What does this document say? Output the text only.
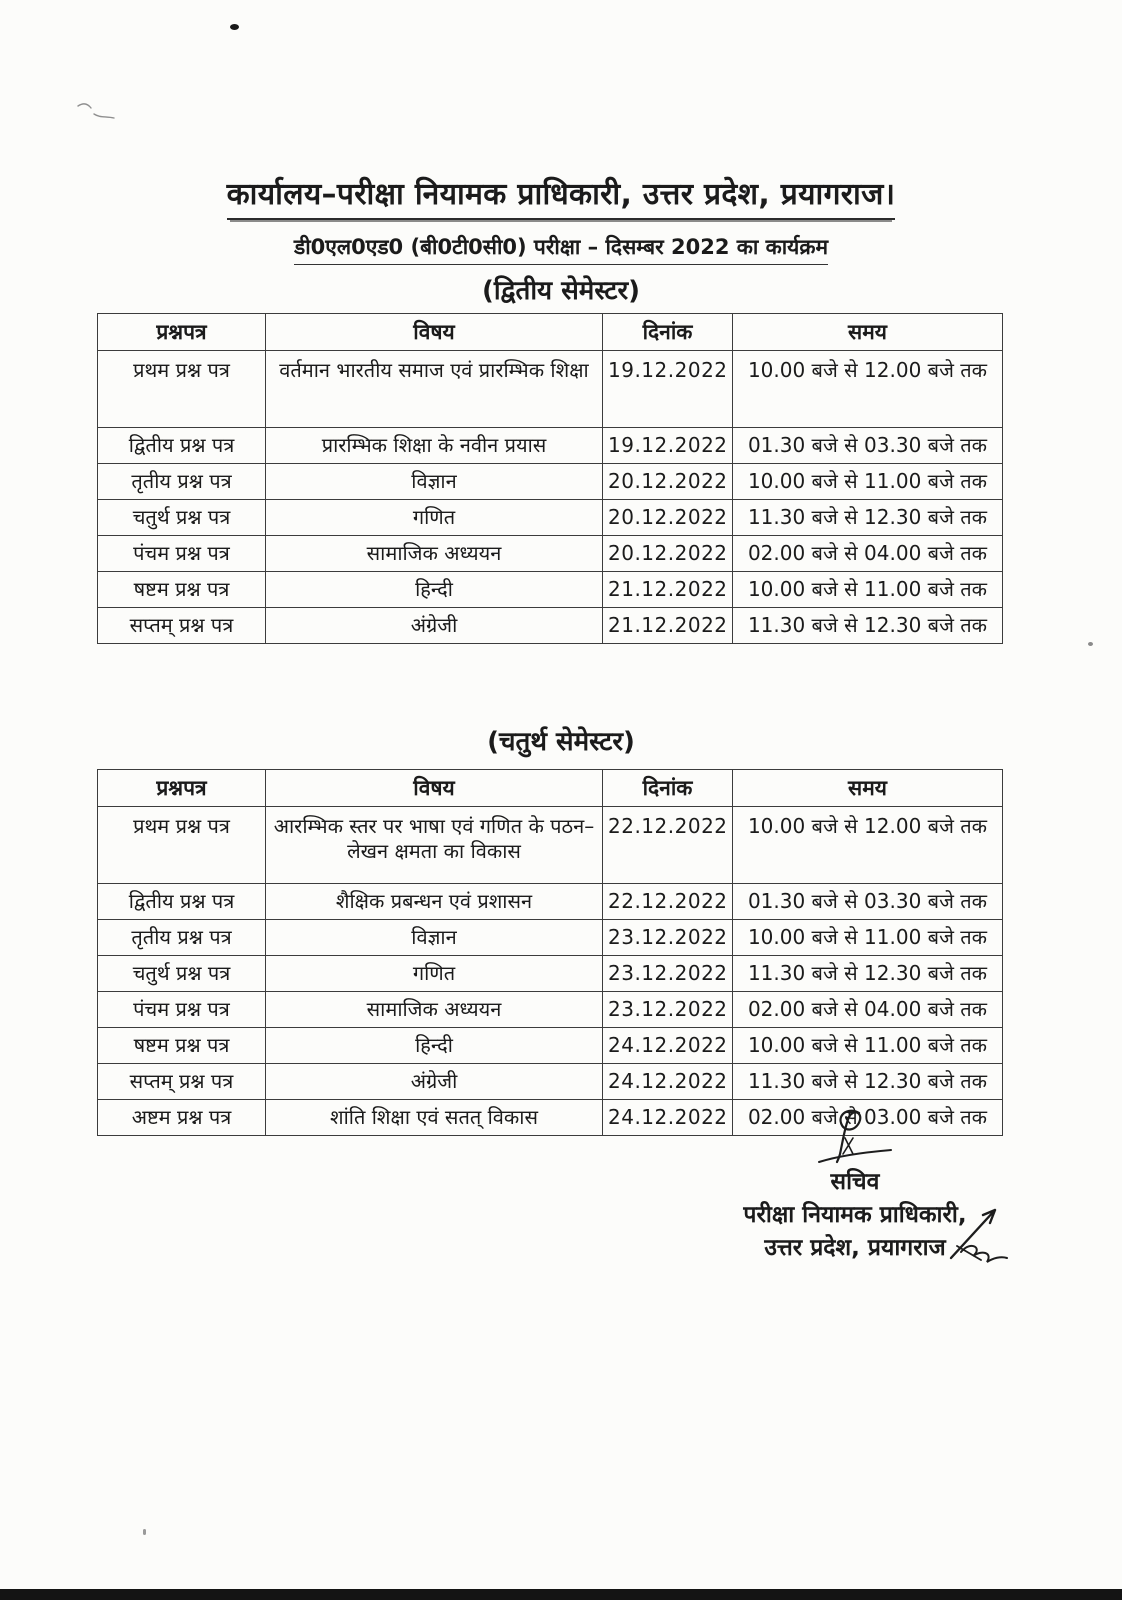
कार्यालय–परीक्षा नियामक प्राधिकारी, उत्तर प्रदेश, प्रयागराज।
डी0एल0एड0 (बी0टी0सी0) परीक्षा – दिसम्बर 2022 का कार्यक्रम
(द्वितीय सेमेस्टर)
प्रश्नपत्र	विषय	दिनांक	समय
प्रथम प्रश्न पत्र	वर्तमान भारतीय समाज एवं प्रारम्भिक शिक्षा	19.12.2022	10.00 बजे से 12.00 बजे तक
द्वितीय प्रश्न पत्र	प्रारम्भिक शिक्षा के नवीन प्रयास	19.12.2022	01.30 बजे से 03.30 बजे तक
तृतीय प्रश्न पत्र	विज्ञान	20.12.2022	10.00 बजे से 11.00 बजे तक
चतुर्थ प्रश्न पत्र	गणित	20.12.2022	11.30 बजे से 12.30 बजे तक
पंचम प्रश्न पत्र	सामाजिक अध्ययन	20.12.2022	02.00 बजे से 04.00 बजे तक
षष्टम प्रश्न पत्र	हिन्दी	21.12.2022	10.00 बजे से 11.00 बजे तक
सप्तम् प्रश्न पत्र	अंग्रेजी	21.12.2022	11.30 बजे से 12.30 बजे तक
(चतुर्थ सेमेस्टर)
प्रश्नपत्र	विषय	दिनांक	समय
प्रथम प्रश्न पत्र	आरम्भिक स्तर पर भाषा एवं गणित के पठन–लेखन क्षमता का विकास	22.12.2022	10.00 बजे से 12.00 बजे तक
द्वितीय प्रश्न पत्र	शैक्षिक प्रबन्धन एवं प्रशासन	22.12.2022	01.30 बजे से 03.30 बजे तक
तृतीय प्रश्न पत्र	विज्ञान	23.12.2022	10.00 बजे से 11.00 बजे तक
चतुर्थ प्रश्न पत्र	गणित	23.12.2022	11.30 बजे से 12.30 बजे तक
पंचम प्रश्न पत्र	सामाजिक अध्ययन	23.12.2022	02.00 बजे से 04.00 बजे तक
षष्टम प्रश्न पत्र	हिन्दी	24.12.2022	10.00 बजे से 11.00 बजे तक
सप्तम् प्रश्न पत्र	अंग्रेजी	24.12.2022	11.30 बजे से 12.30 बजे तक
अष्टम प्रश्न पत्र	शांति शिक्षा एवं सतत् विकास	24.12.2022	02.00 बजे से 03.00 बजे तक
सचिव
परीक्षा नियामक प्राधिकारी,
उत्तर प्रदेश, प्रयागराज
